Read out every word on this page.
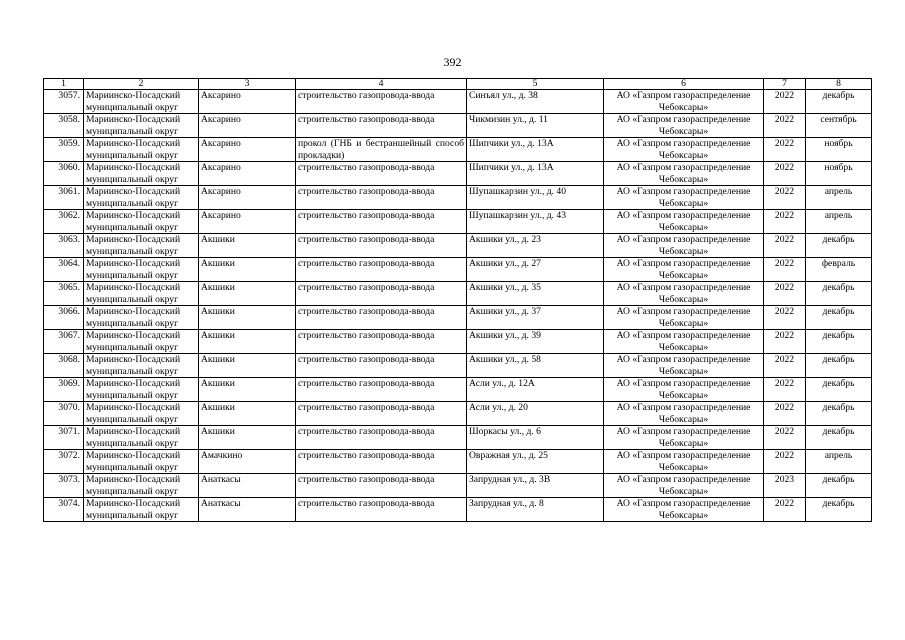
392
1	2	3	4	5	6	7	8
3057.	Мариинско-Посадский муниципальный округ	Аксарино	строительство газопровода-ввода	Синъял ул., д. 38	АО «Газпром газораспределение Чебоксары»	2022	декабрь
3058.	Мариинско-Посадский муниципальный округ	Аксарино	строительство газопровода-ввода	Чикмизин ул., д. 11	АО «Газпром газораспределение Чебоксары»	2022	сентябрь
3059.	Мариинско-Посадский муниципальный округ	Аксарино	прокол (ГНБ и бестраншейный способ прокладки)	Шипчики ул., д. 13А	АО «Газпром газораспределение Чебоксары»	2022	ноябрь
3060.	Мариинско-Посадский муниципальный округ	Аксарино	строительство газопровода-ввода	Шипчики ул., д. 13А	АО «Газпром газораспределение Чебоксары»	2022	ноябрь
3061.	Мариинско-Посадский муниципальный округ	Аксарино	строительство газопровода-ввода	Шупашкарзин ул., д. 40	АО «Газпром газораспределение Чебоксары»	2022	апрель
3062.	Мариинско-Посадский муниципальный округ	Аксарино	строительство газопровода-ввода	Шупашкарзин ул., д. 43	АО «Газпром газораспределение Чебоксары»	2022	апрель
3063.	Мариинско-Посадский муниципальный округ	Акшики	строительство газопровода-ввода	Акшики ул., д. 23	АО «Газпром газораспределение Чебоксары»	2022	декабрь
3064.	Мариинско-Посадский муниципальный округ	Акшики	строительство газопровода-ввода	Акшики ул., д. 27	АО «Газпром газораспределение Чебоксары»	2022	февраль
3065.	Мариинско-Посадский муниципальный округ	Акшики	строительство газопровода-ввода	Акшики ул., д. 35	АО «Газпром газораспределение Чебоксары»	2022	декабрь
3066.	Мариинско-Посадский муниципальный округ	Акшики	строительство газопровода-ввода	Акшики ул., д. 37	АО «Газпром газораспределение Чебоксары»	2022	декабрь
3067.	Мариинско-Посадский муниципальный округ	Акшики	строительство газопровода-ввода	Акшики ул., д. 39	АО «Газпром газораспределение Чебоксары»	2022	декабрь
3068.	Мариинско-Посадский муниципальный округ	Акшики	строительство газопровода-ввода	Акшики ул., д. 58	АО «Газпром газораспределение Чебоксары»	2022	декабрь
3069.	Мариинско-Посадский муниципальный округ	Акшики	строительство газопровода-ввода	Асли ул., д. 12А	АО «Газпром газораспределение Чебоксары»	2022	декабрь
3070.	Мариинско-Посадский муниципальный округ	Акшики	строительство газопровода-ввода	Асли ул., д. 20	АО «Газпром газораспределение Чебоксары»	2022	декабрь
3071.	Мариинско-Посадский муниципальный округ	Акшики	строительство газопровода-ввода	Шоркасы ул., д. 6	АО «Газпром газораспределение Чебоксары»	2022	декабрь
3072.	Мариинско-Посадский муниципальный округ	Амачкино	строительство газопровода-ввода	Овражная ул., д. 25	АО «Газпром газораспределение Чебоксары»	2022	апрель
3073.	Мариинско-Посадский муниципальный округ	Анаткасы	строительство газопровода-ввода	Запрудная ул., д. 3В	АО «Газпром газораспределение Чебоксары»	2023	декабрь
3074.	Мариинско-Посадский муниципальный округ	Анаткасы	строительство газопровода-ввода	Запрудная ул., д. 8	АО «Газпром газораспределение Чебоксары»	2022	декабрь
